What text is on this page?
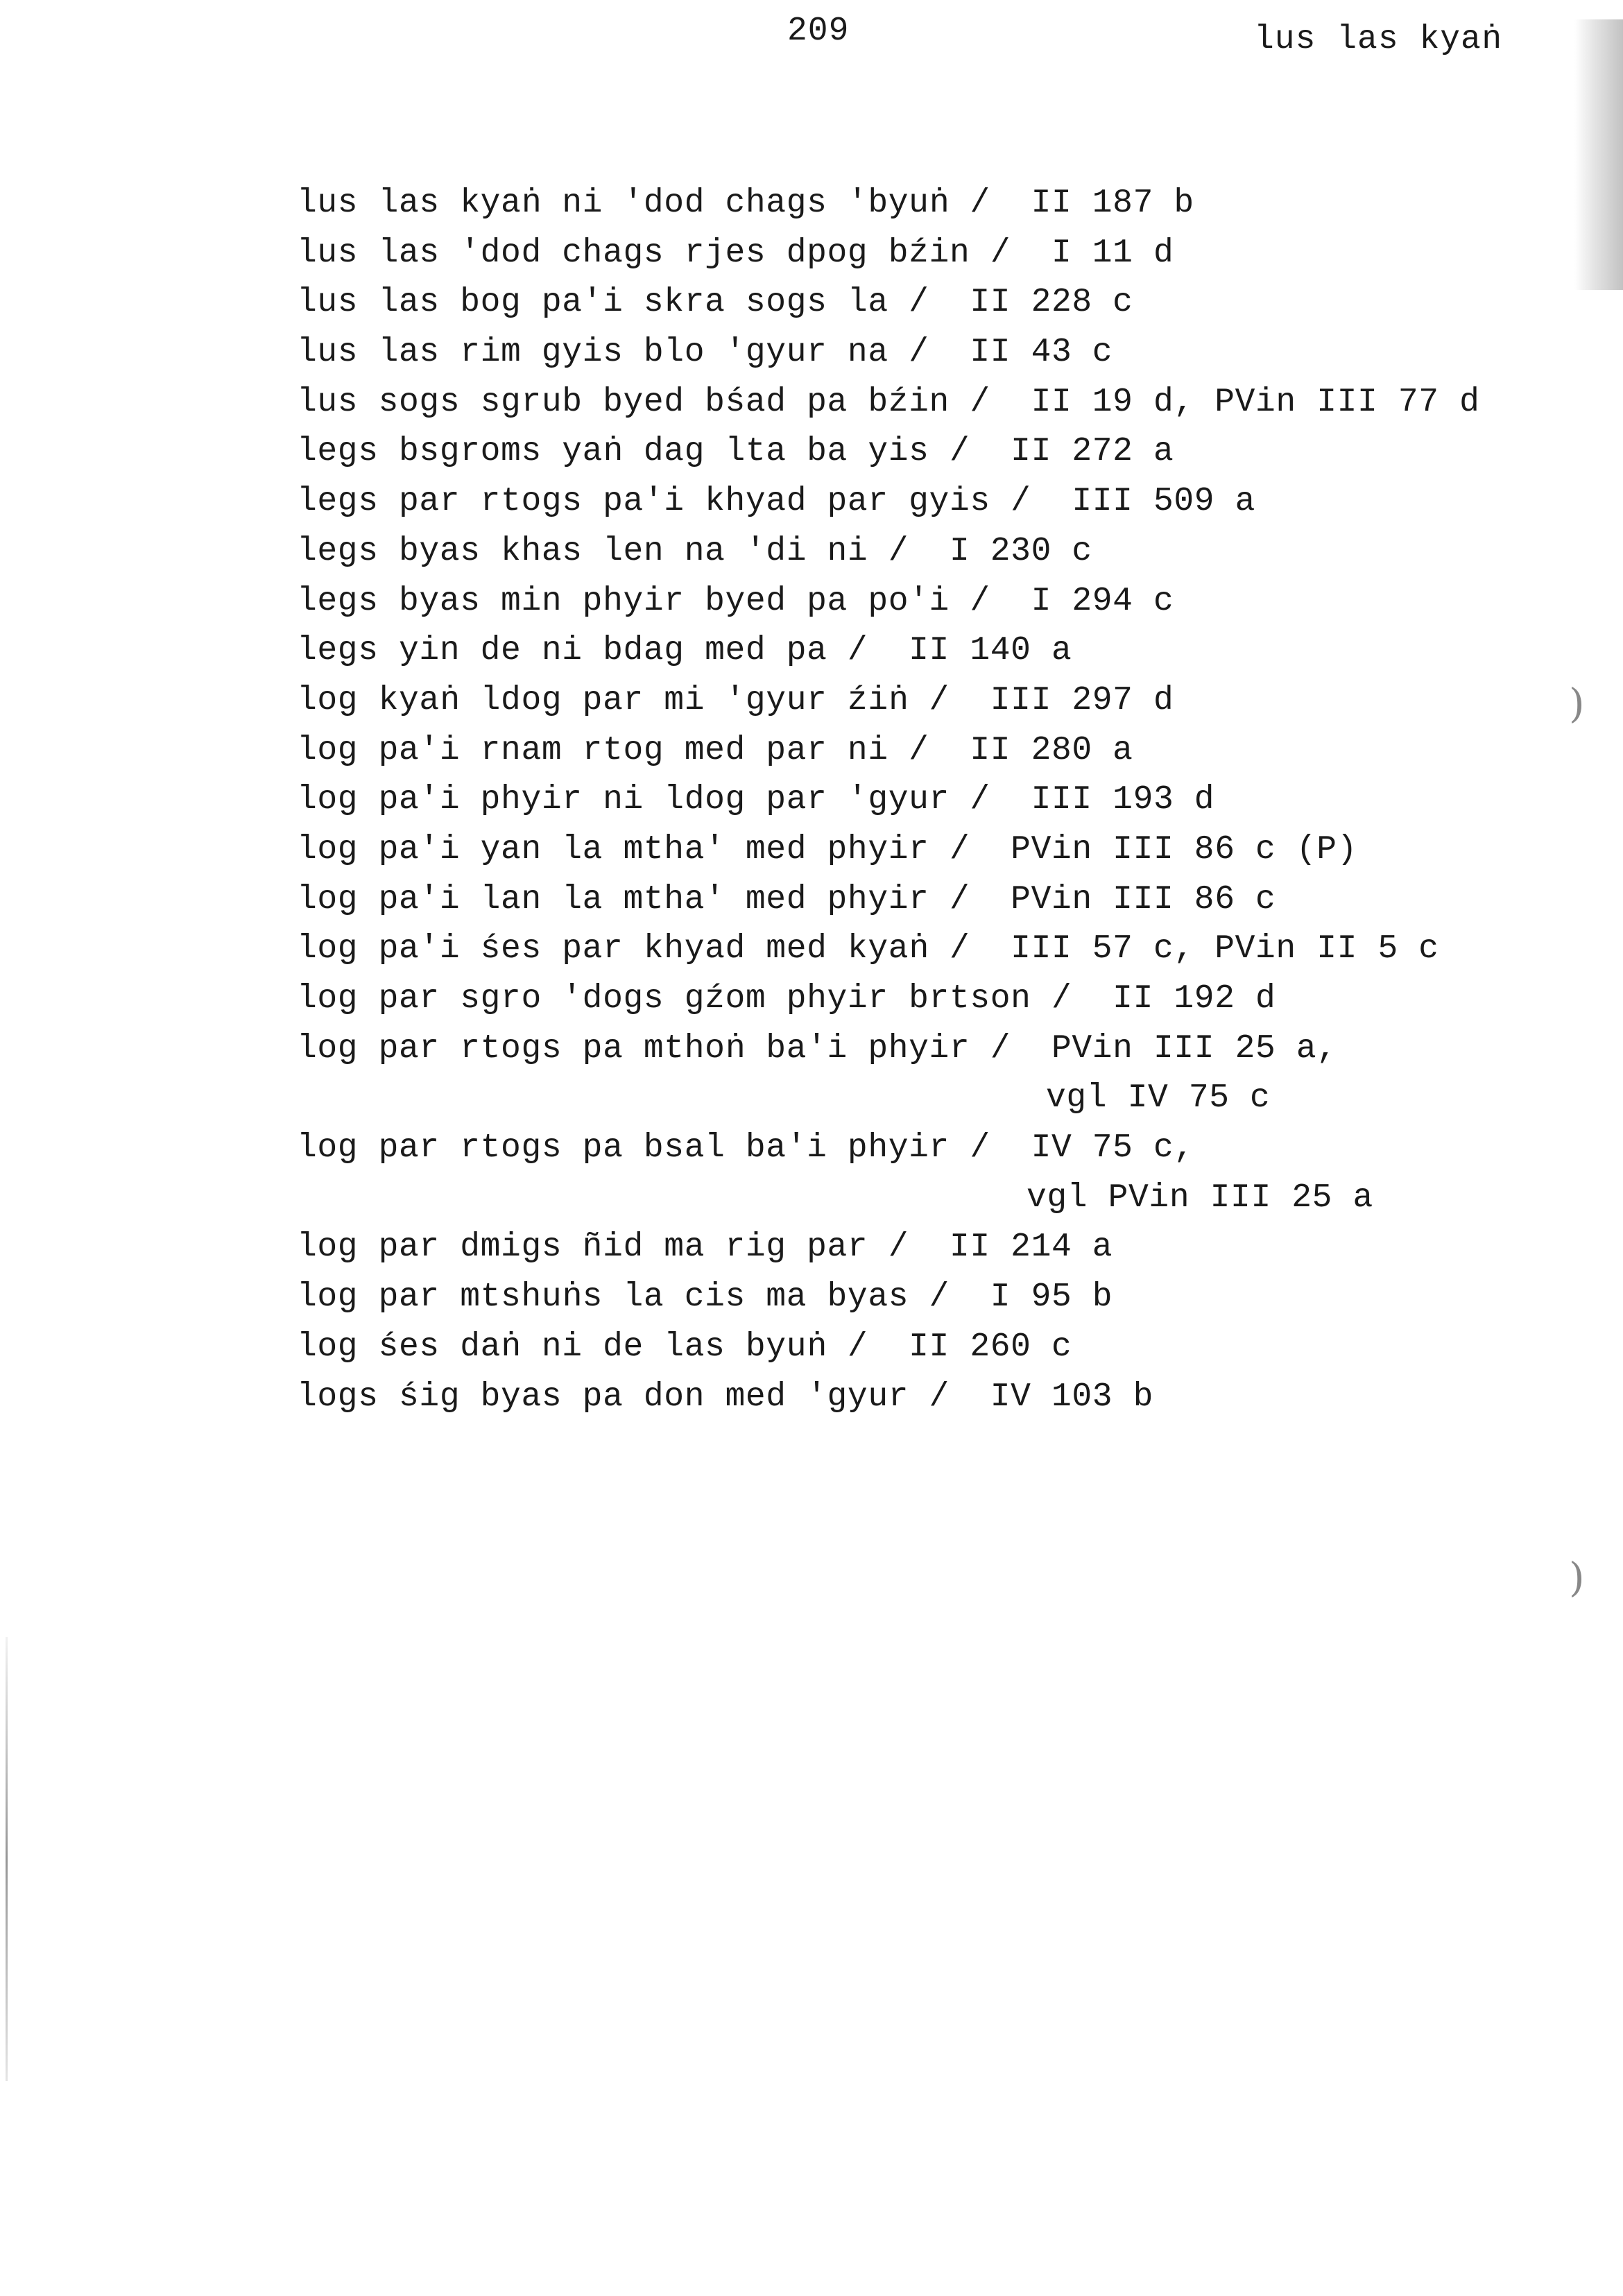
)
)
209	lus las kyaṅ
lus las kyaṅ ni 'dod chags 'byuṅ /  II 187 b
lus las 'dod chags rjes dpog bźin /  I 11 d
lus las bog pa'i skra sogs la /  II 228 c
lus las rim gyis blo 'gyur na /  II 43 c
lus sogs sgrub byed bśad pa bźin /  II 19 d, PVin III 77 d
legs bsgroms yaṅ dag lta ba yis /  II 272 a
legs par rtogs pa'i khyad par gyis /  III 509 a
legs byas khas len na 'di ni /  I 230 c
legs byas min phyir byed pa po'i /  I 294 c
legs yin de ni bdag med pa /  II 140 a
log kyaṅ ldog par mi 'gyur źiṅ /  III 297 d
log pa'i rnam rtog med par ni /  II 280 a
log pa'i phyir ni ldog par 'gyur /  III 193 d
log pa'i yan la mtha' med phyir /  PVin III 86 c (P)
log pa'i lan la mtha' med phyir /  PVin III 86 c
log pa'i śes par khyad med kyaṅ /  III 57 c, PVin II 5 c
log par sgro 'dogs gźom phyir brtson /  II 192 d
log par rtogs pa mthoṅ ba'i phyir /  PVin III 25 a,
vgl IV 75 c
log par rtogs pa bsal ba'i phyir /  IV 75 c,
vgl PVin III 25 a
log par dmigs ñid ma rig par /  II 214 a
log par mtshuṅs la cis ma byas /  I 95 b
log śes daṅ ni de las byuṅ /  II 260 c
logs śig byas pa don med 'gyur /  IV 103 b
